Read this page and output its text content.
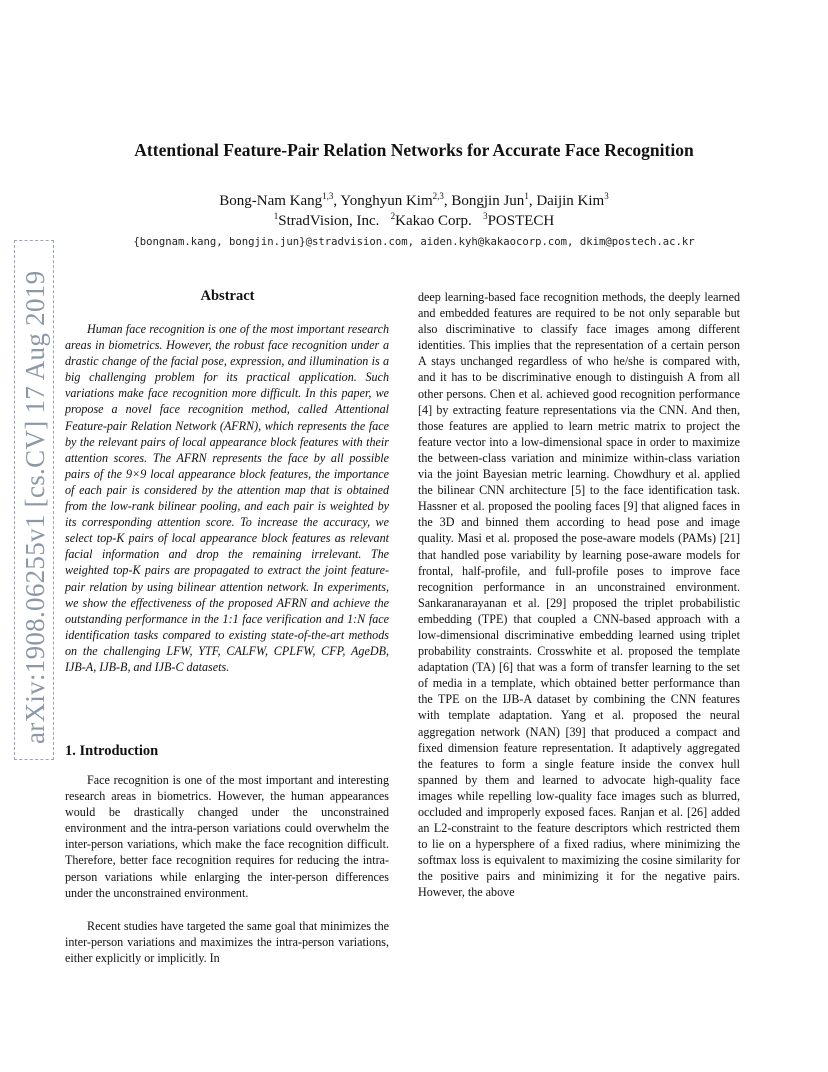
arXiv:1908.06255v1 [cs.CV] 17 Aug 2019
Attentional Feature-Pair Relation Networks for Accurate Face Recognition
Bong-Nam Kang$^{1,3}$, Yonghyun Kim$^{2,3}$, Bongjin Jun$^1$, Daijin Kim$^3$
$^1$StradVision, Inc. $^2$Kakao Corp. $^3$POSTECH
{bongnam.kang, bongjin.jun}@stradvision.com, aiden.kyh@kakaocorp.com, dkim@postech.ac.kr
Abstract

Human face recognition is one of the most important research areas in biometrics. However, the robust face recognition under a drastic change of the facial pose, expression, and illumination is a big challenging problem for its practical application. Such variations make face recognition more difficult. In this paper, we propose a novel face recognition method, called Attentional Feature-pair Relation Network (AFRN), which represents the face by the relevant pairs of local appearance block features with their attention scores. The AFRN represents the face by all possible pairs of the 9×9 local appearance block features, the importance of each pair is considered by the attention map that is obtained from the low-rank bilinear pooling, and each pair is weighted by its corresponding attention score. To increase the accuracy, we select top-K pairs of local appearance block features as relevant facial information and drop the remaining irrelevant. The weighted top-K pairs are propagated to extract the joint feature-pair relation by using bilinear attention network. In experiments, we show the effectiveness of the proposed AFRN and achieve the outstanding performance in the 1:1 face verification and 1:N face identification tasks compared to existing state-of-the-art methods on the challenging LFW, YTF, CALFW, CPLFW, CFP, AgeDB, IJB-A, IJB-B, and IJB-C datasets.

1. Introduction

Face recognition is one of the most important and interesting research areas in biometrics. However, the human appearances would be drastically changed under the unconstrained environment and the intra-person variations could overwhelm the inter-person variations, which make the face recognition difficult. Therefore, better face recognition requires for reducing the intra-person variations while enlarging the inter-person differences under the unconstrained environment.

Recent studies have targeted the same goal that minimizes the inter-person variations and maximizes the intra-person variations, either explicitly or implicitly. In

deep learning-based face recognition methods, the deeply learned and embedded features are required to be not only separable but also discriminative to classify face images among different identities. This implies that the representation of a certain person A stays unchanged regardless of who he/she is compared with, and it has to be discriminative enough to distinguish A from all other persons. Chen et al. achieved good recognition performance [4] by extracting feature representations via the CNN. And then, those features are applied to learn metric matrix to project the feature vector into a low-dimensional space in order to maximize the between-class variation and minimize within-class variation via the joint Bayesian metric learning. Chowdhury et al. applied the bilinear CNN architecture [5] to the face identification task. Hassner et al. proposed the pooling faces [9] that aligned faces in the 3D and binned them according to head pose and image quality. Masi et al. proposed the pose-aware models (PAMs) [21] that handled pose variability by learning pose-aware models for frontal, half-profile, and full-profile poses to improve face recognition performance in an unconstrained environment. Sankaranarayanan et al. [29] proposed the triplet probabilistic embedding (TPE) that coupled a CNN-based approach with a low-dimensional discriminative embedding learned using triplet probability constraints. Crosswhite et al. proposed the template adaptation (TA) [6] that was a form of transfer learning to the set of media in a template, which obtained better performance than the TPE on the IJB-A dataset by combining the CNN features with template adaptation. Yang et al. proposed the neural aggregation network (NAN) [39] that produced a compact and fixed dimension feature representation. It adaptively aggregated the features to form a single feature inside the convex hull spanned by them and learned to advocate high-quality face images while repelling low-quality face images such as blurred, occluded and improperly exposed faces. Ranjan et al. [26] added an L2-constraint to the feature descriptors which restricted them to lie on a hypersphere of a fixed radius, where minimizing the softmax loss is equivalent to maximizing the cosine similarity for the positive pairs and minimizing it for the negative pairs. However, the above
